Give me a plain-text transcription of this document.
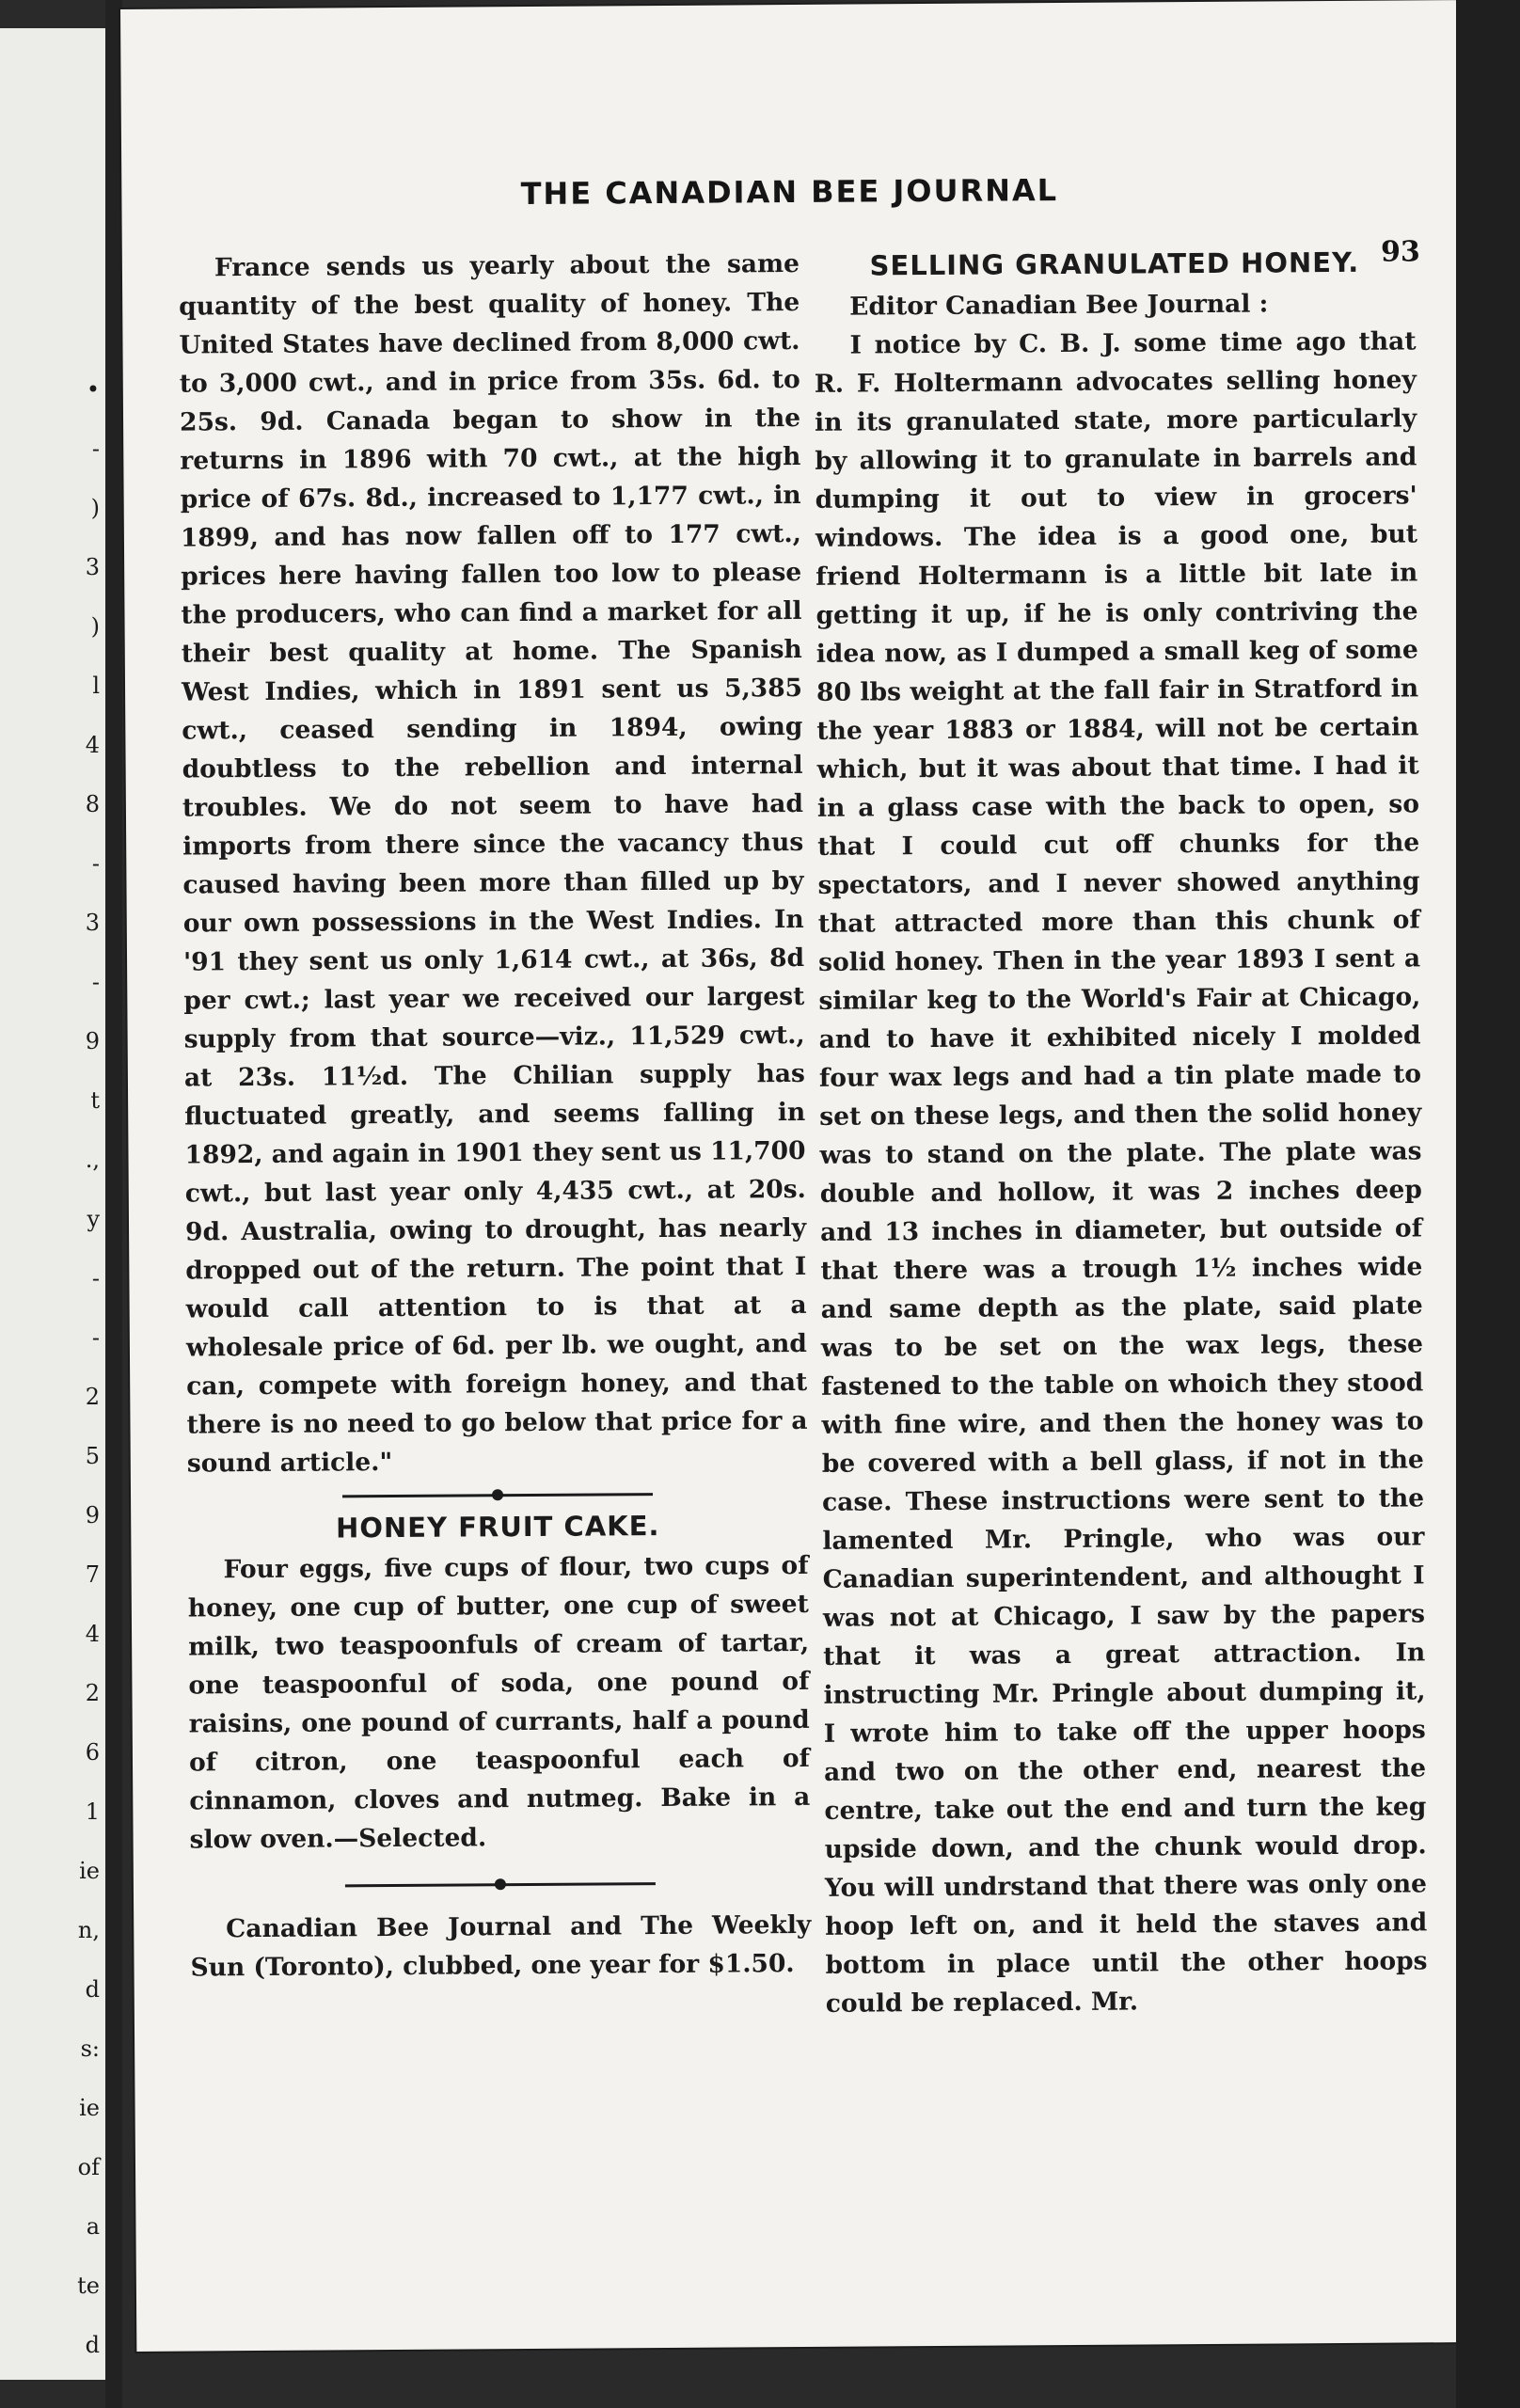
•
-
)
3
)
l
4
8
-
3
-
9
t
.,
y
-
-
2
5
9
7
4
2
6
1
ie
n,
d
s:
ie
of
a
te
d
THE CANADIAN BEE JOURNAL
93

France sends us yearly about the same quantity of the best quality of honey. The United States have declined from 8,000 cwt. to 3,000 cwt., and in price from 35s. 6d. to 25s. 9d. Canada began to show in the returns in 1896 with 70 cwt., at the high price of 67s. 8d., increased to 1,177 cwt., in 1899, and has now fallen off to 177 cwt., prices here having fallen too low to please the producers, who can find a market for all their best quality at home. The Spanish West Indies, which in 1891 sent us 5,385 cwt., ceased sending in 1894, owing doubtless to the rebellion and internal troubles. We do not seem to have had imports from there since the vacancy thus caused having been more than filled up by our own possessions in the West Indies. In '91 they sent us only 1,614 cwt., at 36s, 8d per cwt.; last year we received our largest supply from that source—viz., 11,529 cwt., at 23s. 11½d. The Chilian supply has fluctuated greatly, and seems falling in 1892, and again in 1901 they sent us 11,700 cwt., but last year only 4,435 cwt., at 20s. 9d. Australia, owing to drought, has nearly dropped out of the return. The point that I would call attention to is that at a wholesale price of 6d. per lb. we ought, and can, compete with foreign honey, and that there is no need to go below that price for a sound article."

HONEY FRUIT CAKE.

Four eggs, five cups of flour, two cups of honey, one cup of butter, one cup of sweet milk, two teaspoonfuls of cream of tartar, one teaspoonful of soda, one pound of raisins, one pound of currants, half a pound of citron, one teaspoonful each of cinnamon, cloves and nutmeg. Bake in a slow oven.—Selected.

Canadian Bee Journal and The Weekly Sun (Toronto), clubbed, one year for $1.50.

SELLING GRANULATED HONEY.

Editor Canadian Bee Journal :

I notice by C. B. J. some time ago that R. F. Holtermann advocates selling honey in its granulated state, more particularly by allowing it to granulate in barrels and dumping it out to view in grocers' windows. The idea is a good one, but friend Holtermann is a little bit late in getting it up, if he is only contriving the idea now, as I dumped a small keg of some 80 lbs weight at the fall fair in Stratford in the year 1883 or 1884, will not be certain which, but it was about that time. I had it in a glass case with the back to open, so that I could cut off chunks for the spectators, and I never showed anything that attracted more than this chunk of solid honey. Then in the year 1893 I sent a similar keg to the World's Fair at Chicago, and to have it exhibited nicely I molded four wax legs and had a tin plate made to set on these legs, and then the solid honey was to stand on the plate. The plate was double and hollow, it was 2 inches deep and 13 inches in diameter, but outside of that there was a trough 1½ inches wide and same depth as the plate, said plate was to be set on the wax legs, these fastened to the table on whoich they stood with fine wire, and then the honey was to be covered with a bell glass, if not in the case. These instructions were sent to the lamented Mr. Pringle, who was our Canadian superintendent, and althought I was not at Chicago, I saw by the papers that it was a great attraction. In instructing Mr. Pringle about dumping it, I wrote him to take off the upper hoops and two on the other end, nearest the centre, take out the end and turn the keg upside down, and the chunk would drop. You will undrstand that there was only one hoop left on, and it held the staves and bottom in place until the other hoops could be replaced. Mr.
